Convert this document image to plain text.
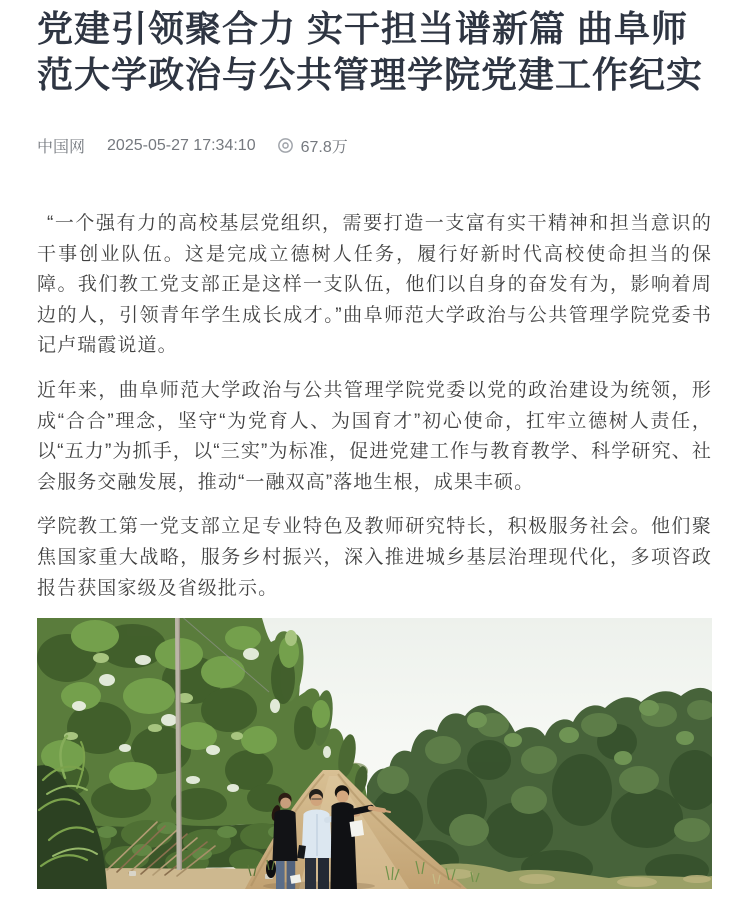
党建引领聚合力 实干担当谱新篇 曲阜师范大学政治与公共管理学院党建工作纪实
中国网 2025-05-27 17:34:10	67.8万

“一个强有力的高校基层党组织，需要打造一支富有实干精神和担当意识的干事创业队伍。这是完成立德树人任务，履行好新时代高校使命担当的保障。我们教工党支部正是这样一支队伍，他们以自身的奋发有为，影响着周边的人，引领青年学生成长成才。”曲阜师范大学政治与公共管理学院党委书记卢瑞霞说道。

近年来，曲阜师范大学政治与公共管理学院党委以党的政治建设为统领，形成“合合”理念，坚守“为党育人、为国育才”初心使命，扛牢立德树人责任，以“五力”为抓手，以“三实”为标准，促进党建工作与教育教学、科学研究、社会服务交融发展，推动“一融双高”落地生根，成果丰硕。

学院教工第一党支部立足专业特色及教师研究特长，积极服务社会。他们聚焦国家重大战略，服务乡村振兴，深入推进城乡基层治理现代化，多项咨政报告获国家级及省级批示。
